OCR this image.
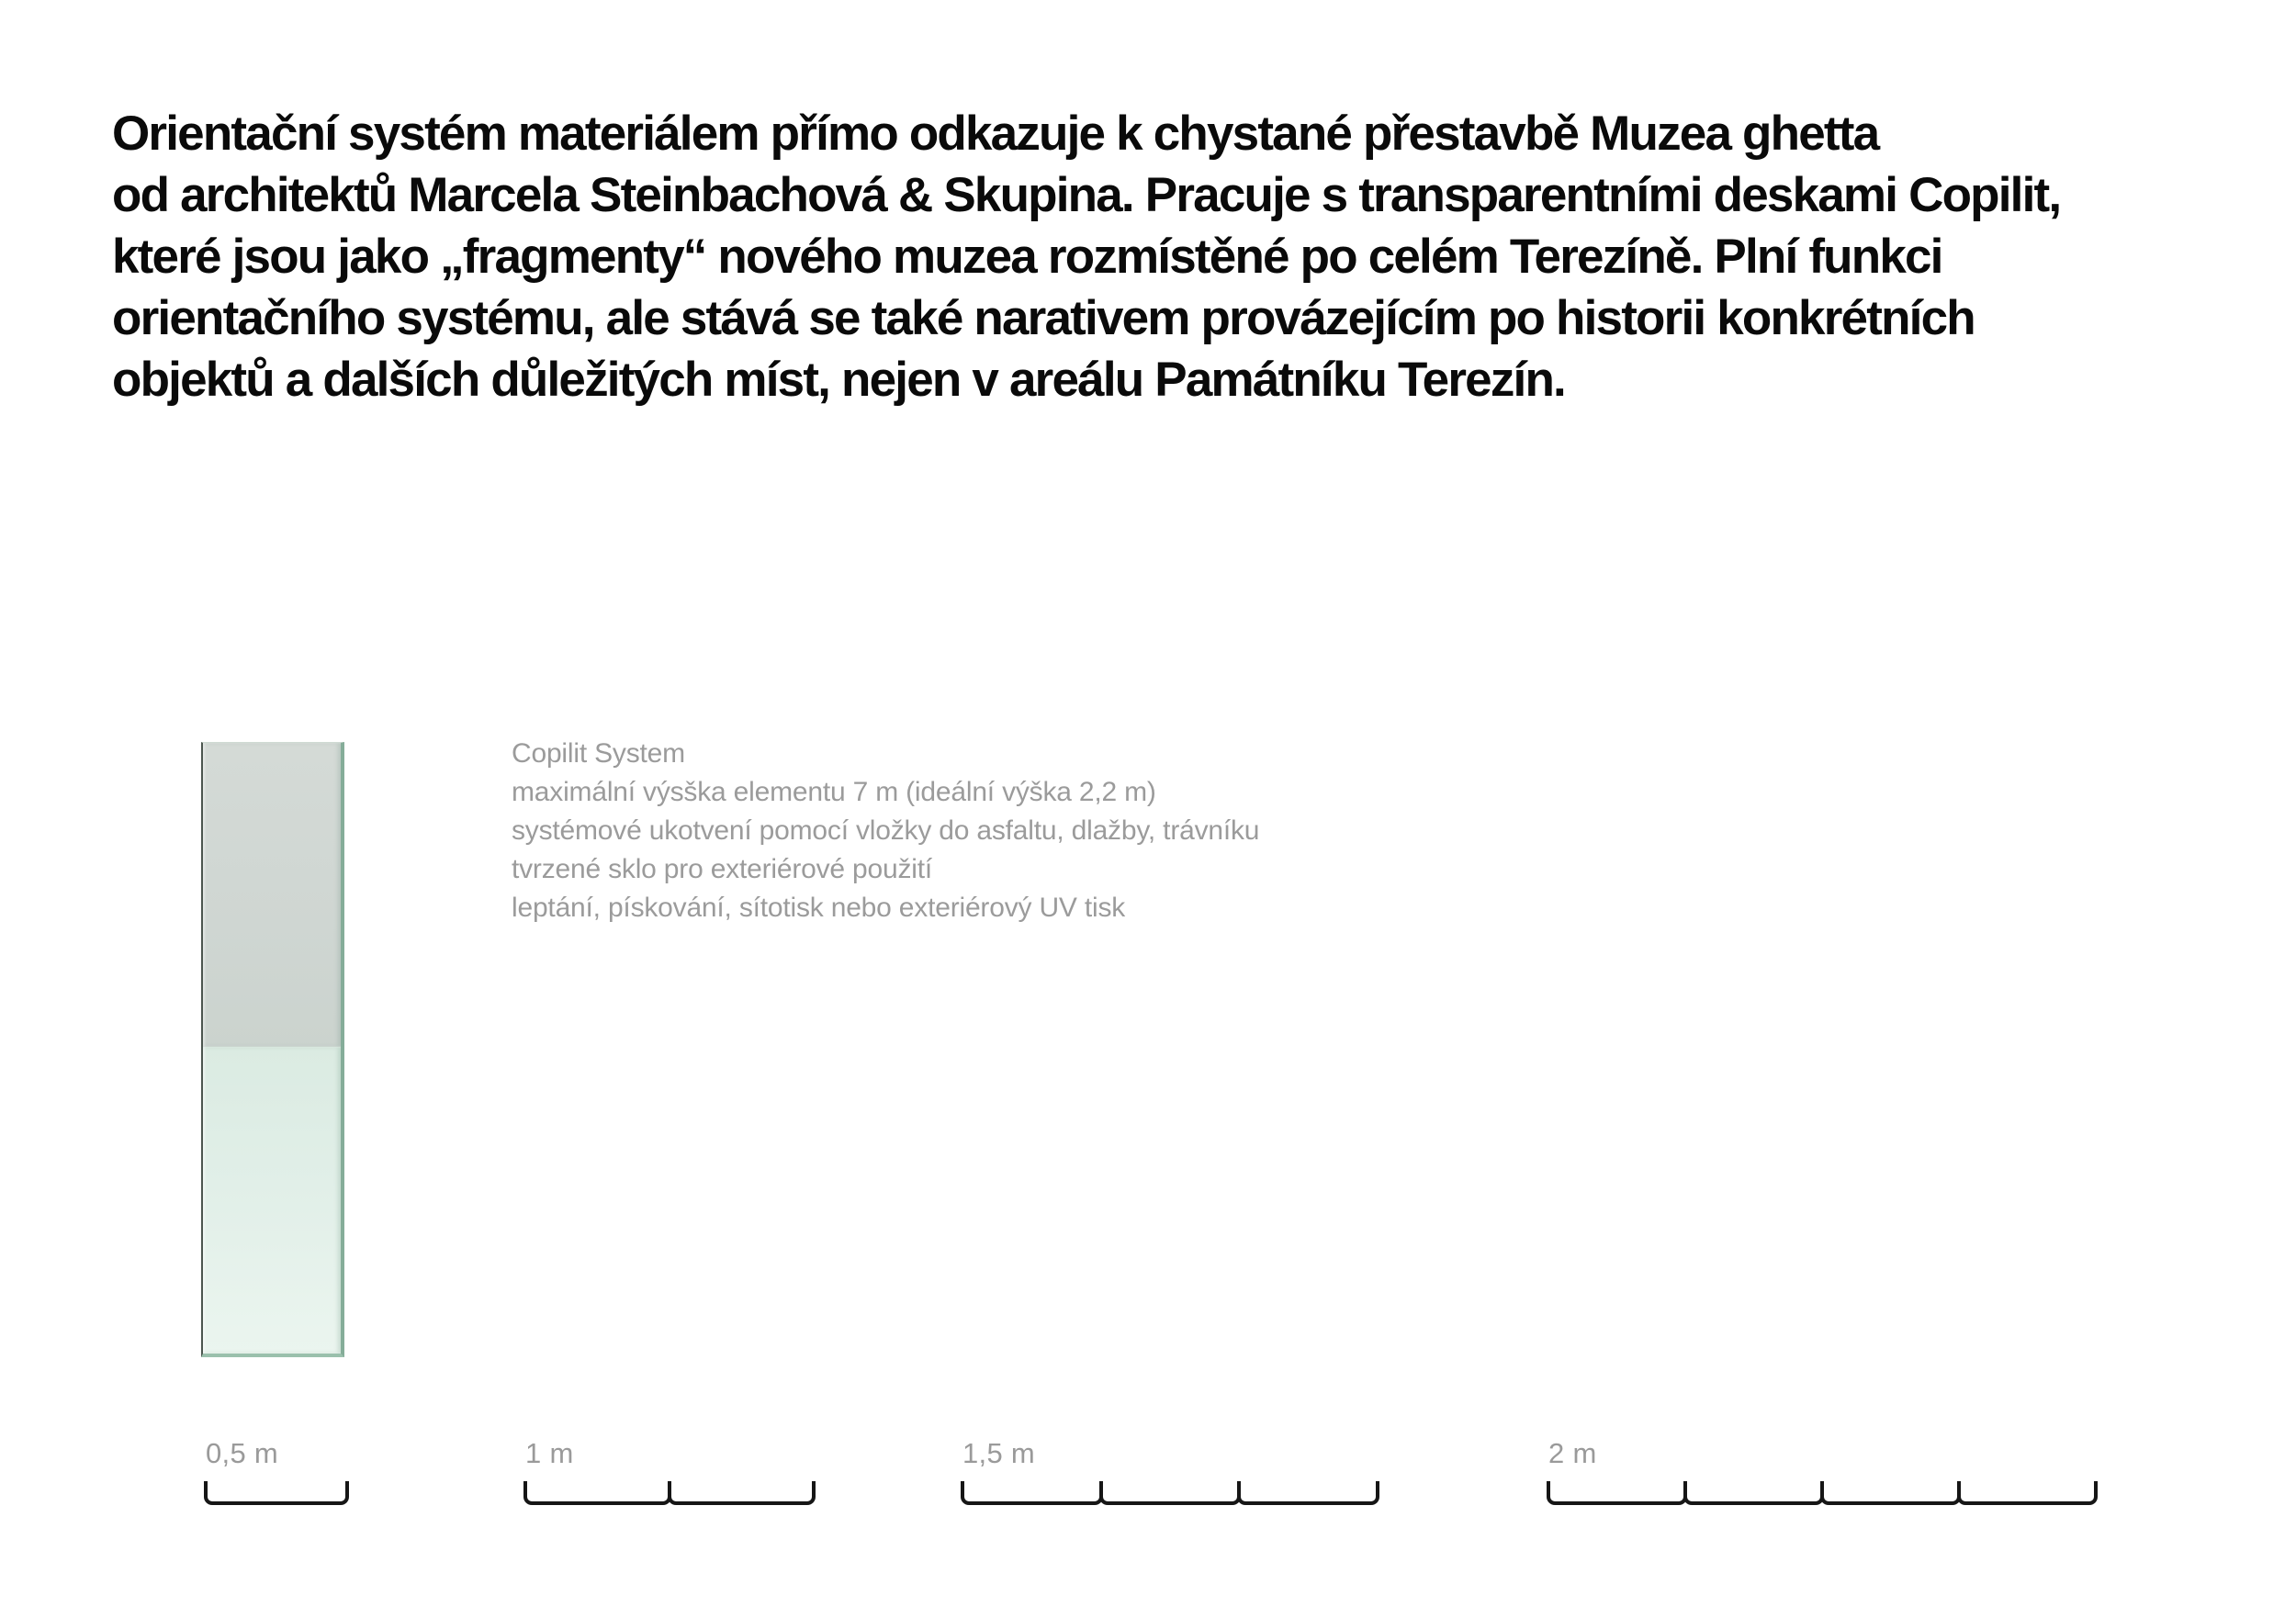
Orientační systém materiálem přímo odkazuje k chystané přestavbě Muzea ghetta
od architektů Marcela Steinbachová & Skupina. Pracuje s transparentními deskami Copilit,
které jsou jako „fragmenty“ nového muzea rozmístěné po celém Terezíně. Plní funkci
orientačního systému, ale stává se také narativem provázejícím po historii konkrétních
objektů a dalších důležitých míst, nejen v areálu Památníku Terezín.
Copilit System
maximální výsška elementu 7 m (ideální výška 2,2 m)
systémové ukotvení pomocí vložky do asfaltu, dlažby, trávníku
tvrzené sklo pro exteriérové použití
leptání, pískování, sítotisk nebo exteriérový UV tisk
0,5 m	1 m	1,5 m	2 m
